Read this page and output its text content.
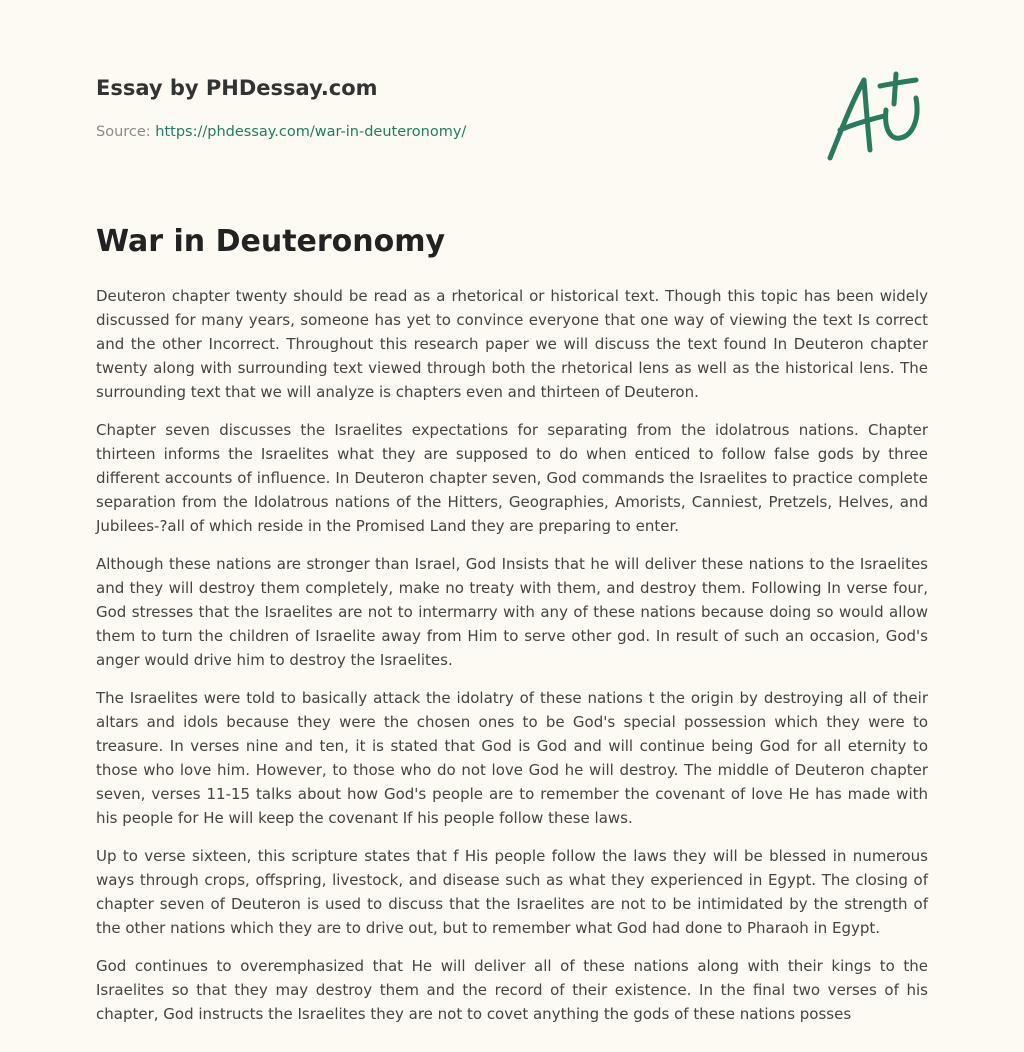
Essay by PHDessay.com
Source: https://phdessay.com/war-in-deuteronomy/
War in Deuteronomy

Deuteron chapter twenty should be read as a rhetorical or historical text. Though this topic has been widely discussed for many years, someone has yet to convince everyone that one way of viewing the text Is correct and the other Incorrect. Throughout this research paper we will discuss the text found In Deuteron chapter twenty along with surrounding text viewed through both the rhetorical lens as well as the historical lens. The surrounding text that we will analyze is chapters even and thirteen of Deuteron.

Chapter seven discusses the Israelites expectations for separating from the idolatrous nations. Chapter thirteen informs the Israelites what they are supposed to do when enticed to follow false gods by three different accounts of influence. In Deuteron chapter seven, God commands the Israelites to practice complete separation from the Idolatrous nations of the Hitters, Geographies, Amorists, Canniest, Pretzels, Helves, and Jubilees-?all of which reside in the Promised Land they are preparing to enter.

Although these nations are stronger than Israel, God Insists that he will deliver these nations to the Israelites and they will destroy them completely, make no treaty with them, and destroy them. Following In verse four, God stresses that the Israelites are not to intermarry with any of these nations because doing so would allow them to turn the children of Israelite away from Him to serve other god. In result of such an occasion, God's anger would drive him to destroy the Israelites.

The Israelites were told to basically attack the idolatry of these nations t the origin by destroying all of their altars and idols because they were the chosen ones to be God's special possession which they were to treasure. In verses nine and ten, it is stated that God is God and will continue being God for all eternity to those who love him. However, to those who do not love God he will destroy. The middle of Deuteron chapter seven, verses 11-15 talks about how God's people are to remember the covenant of love He has made with his people for He will keep the covenant If his people follow these laws.

Up to verse sixteen, this scripture states that f His people follow the laws they will be blessed in numerous ways through crops, offspring, livestock, and disease such as what they experienced in Egypt. The closing of chapter seven of Deuteron is used to discuss that the Israelites are not to be intimidated by the strength of the other nations which they are to drive out, but to remember what God had done to Pharaoh in Egypt.

God continues to overemphasized that He will deliver all of these nations along with their kings to the Israelites so that they may destroy them and the record of their existence. In the final two verses of his chapter, God instructs the Israelites they are not to covet anything the gods of these nations posses
